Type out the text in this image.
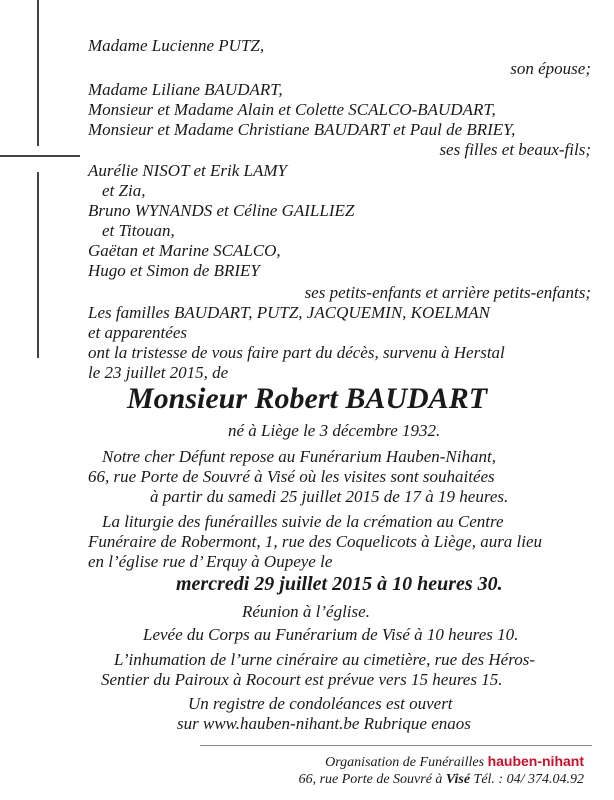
Madame Lucienne PUTZ,
son épouse;
Madame Liliane BAUDART,
Monsieur et Madame Alain et Colette SCALCO-BAUDART,
Monsieur et Madame Christiane BAUDART et Paul de BRIEY,
ses filles et beaux-fils;
Aurélie NISOT et Erik LAMY
et Zia,
Bruno WYNANDS et Céline GAILLIEZ
et Titouan,
Gaëtan et Marine SCALCO,
Hugo et Simon de BRIEY
ses petits-enfants et arrière petits-enfants;
Les familles BAUDART, PUTZ, JACQUEMIN, KOELMAN
et apparentées
ont la tristesse de vous faire part du décès, survenu à Herstal
le 23 juillet 2015, de
Monsieur Robert BAUDART
né à Liège le 3 décembre 1932.
Notre cher Défunt repose au Funérarium Hauben-Nihant,
66, rue Porte de Souvré à Visé où les visites sont souhaitées
à partir du samedi 25 juillet 2015 de 17 à 19 heures.
La liturgie des funérailles suivie de la crémation au Centre
Funéraire de Robermont, 1, rue des Coquelicots à Liège, aura lieu
en l’église rue d’ Erquy à Oupeye le
mercredi 29 juillet 2015 à 10 heures 30.
Réunion à l’église.
Levée du Corps au Funérarium de Visé à 10 heures 10.
L’inhumation de l’urne cinéraire au cimetière, rue des Héros-
Sentier du Pairoux à Rocourt est prévue vers 15 heures 15.
Un registre de condoléances est ouvert
sur www.hauben-nihant.be Rubrique enaos
Organisation de Funérailles hauben-nihant
66, rue Porte de Souvré à Visé Tél. : 04/ 374.04.92
